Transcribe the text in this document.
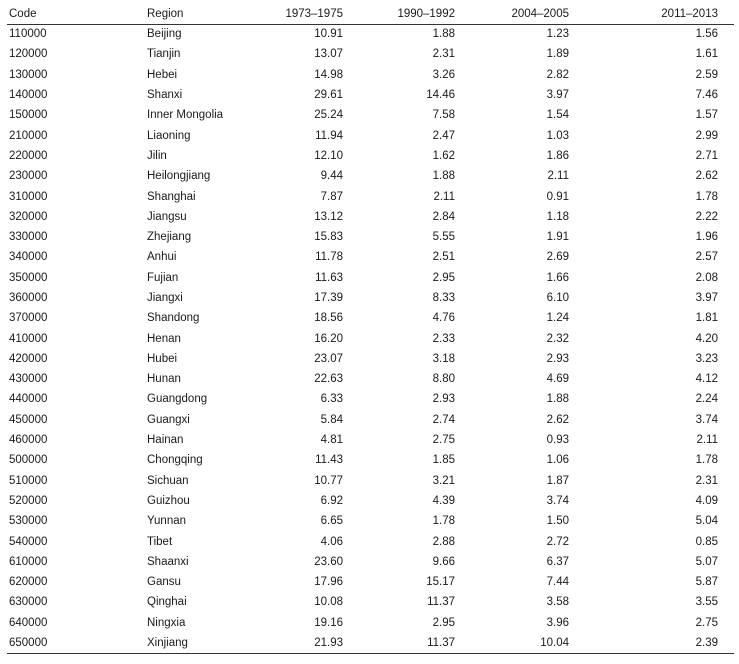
Code	Region	1973–1975	1990–1992	2004–2005	2011–2013
110000	Beijing	10.91	1.88	1.23	1.56
120000	Tianjin	13.07	2.31	1.89	1.61
130000	Hebei	14.98	3.26	2.82	2.59
140000	Shanxi	29.61	14.46	3.97	7.46
150000	Inner Mongolia	25.24	7.58	1.54	1.57
210000	Liaoning	11.94	2.47	1.03	2.99
220000	Jilin	12.10	1.62	1.86	2.71
230000	Heilongjiang	9.44	1.88	2.11	2.62
310000	Shanghai	7.87	2.11	0.91	1.78
320000	Jiangsu	13.12	2.84	1.18	2.22
330000	Zhejiang	15.83	5.55	1.91	1.96
340000	Anhui	11.78	2.51	2.69	2.57
350000	Fujian	11.63	2.95	1.66	2.08
360000	Jiangxi	17.39	8.33	6.10	3.97
370000	Shandong	18.56	4.76	1.24	1.81
410000	Henan	16.20	2.33	2.32	4.20
420000	Hubei	23.07	3.18	2.93	3.23
430000	Hunan	22.63	8.80	4.69	4.12
440000	Guangdong	6.33	2.93	1.88	2.24
450000	Guangxi	5.84	2.74	2.62	3.74
460000	Hainan	4.81	2.75	0.93	2.11
500000	Chongqing	11.43	1.85	1.06	1.78
510000	Sichuan	10.77	3.21	1.87	2.31
520000	Guizhou	6.92	4.39	3.74	4.09
530000	Yunnan	6.65	1.78	1.50	5.04
540000	Tibet	4.06	2.88	2.72	0.85
610000	Shaanxi	23.60	9.66	6.37	5.07
620000	Gansu	17.96	15.17	7.44	5.87
630000	Qinghai	10.08	11.37	3.58	3.55
640000	Ningxia	19.16	2.95	3.96	2.75
650000	Xinjiang	21.93	11.37	10.04	2.39
